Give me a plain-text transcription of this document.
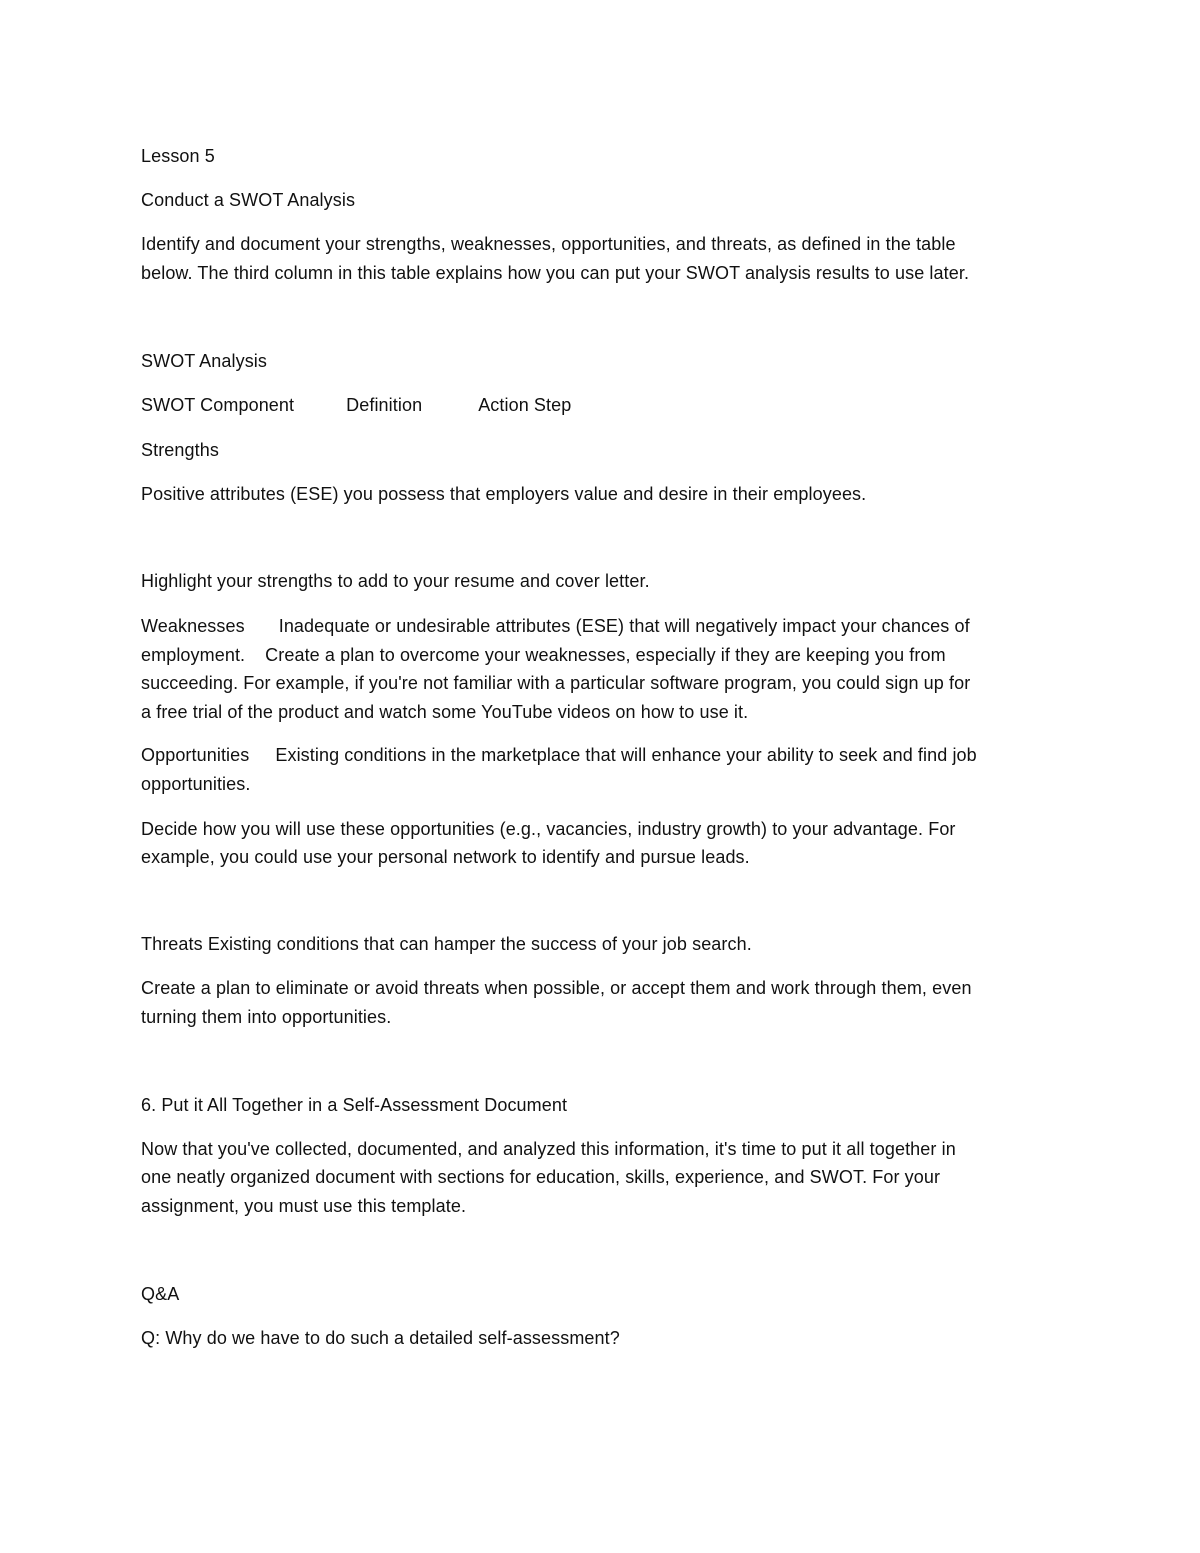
Lesson 5
Conduct a SWOT Analysis
Identify and document your strengths, weaknesses, opportunities, and threats, as defined in the table
below. The third column in this table explains how you can put your SWOT analysis results to use later.
SWOT Analysis
SWOT Component	Definition	Action Step
Strengths
Positive attributes (ESE) you possess that employers value and desire in their employees.
Highlight your strengths to add to your resume and cover letter.
Weaknesses Inadequate or undesirable attributes (ESE) that will negatively impact your chances of
employment. Create a plan to overcome your weaknesses, especially if they are keeping you from
succeeding. For example, if you're not familiar with a particular software program, you could sign up for
a free trial of the product and watch some YouTube videos on how to use it.
Opportunities Existing conditions in the marketplace that will enhance your ability to seek and find job
opportunities.
Decide how you will use these opportunities (e.g., vacancies, industry growth) to your advantage. For
example, you could use your personal network to identify and pursue leads.
Threats Existing conditions that can hamper the success of your job search.
Create a plan to eliminate or avoid threats when possible, or accept them and work through them, even
turning them into opportunities.
6. Put it All Together in a Self-Assessment Document
Now that you've collected, documented, and analyzed this information, it's time to put it all together in
one neatly organized document with sections for education, skills, experience, and SWOT. For your
assignment, you must use this template.
Q&A
Q: Why do we have to do such a detailed self-assessment?
